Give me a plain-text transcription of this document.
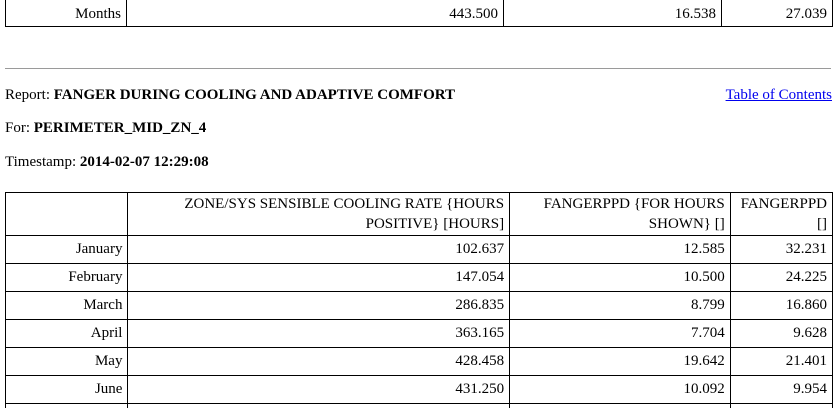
Months	443.500	16.538	27.039
Report: FANGER DURING COOLING AND ADAPTIVE COMFORT	Table of Contents
For: PERIMETER_MID_ZN_4
Timestamp: 2014-02-07 12:29:08
	ZONE/SYS SENSIBLE COOLING RATE {HOURS POSITIVE} [HOURS]	FANGERPPD {FOR HOURS SHOWN} []	FANGERPPD []
January	102.637	12.585	32.231
February	147.054	10.500	24.225
March	286.835	8.799	16.860
April	363.165	7.704	9.628
May	428.458	19.642	21.401
June	431.250	10.092	9.954
